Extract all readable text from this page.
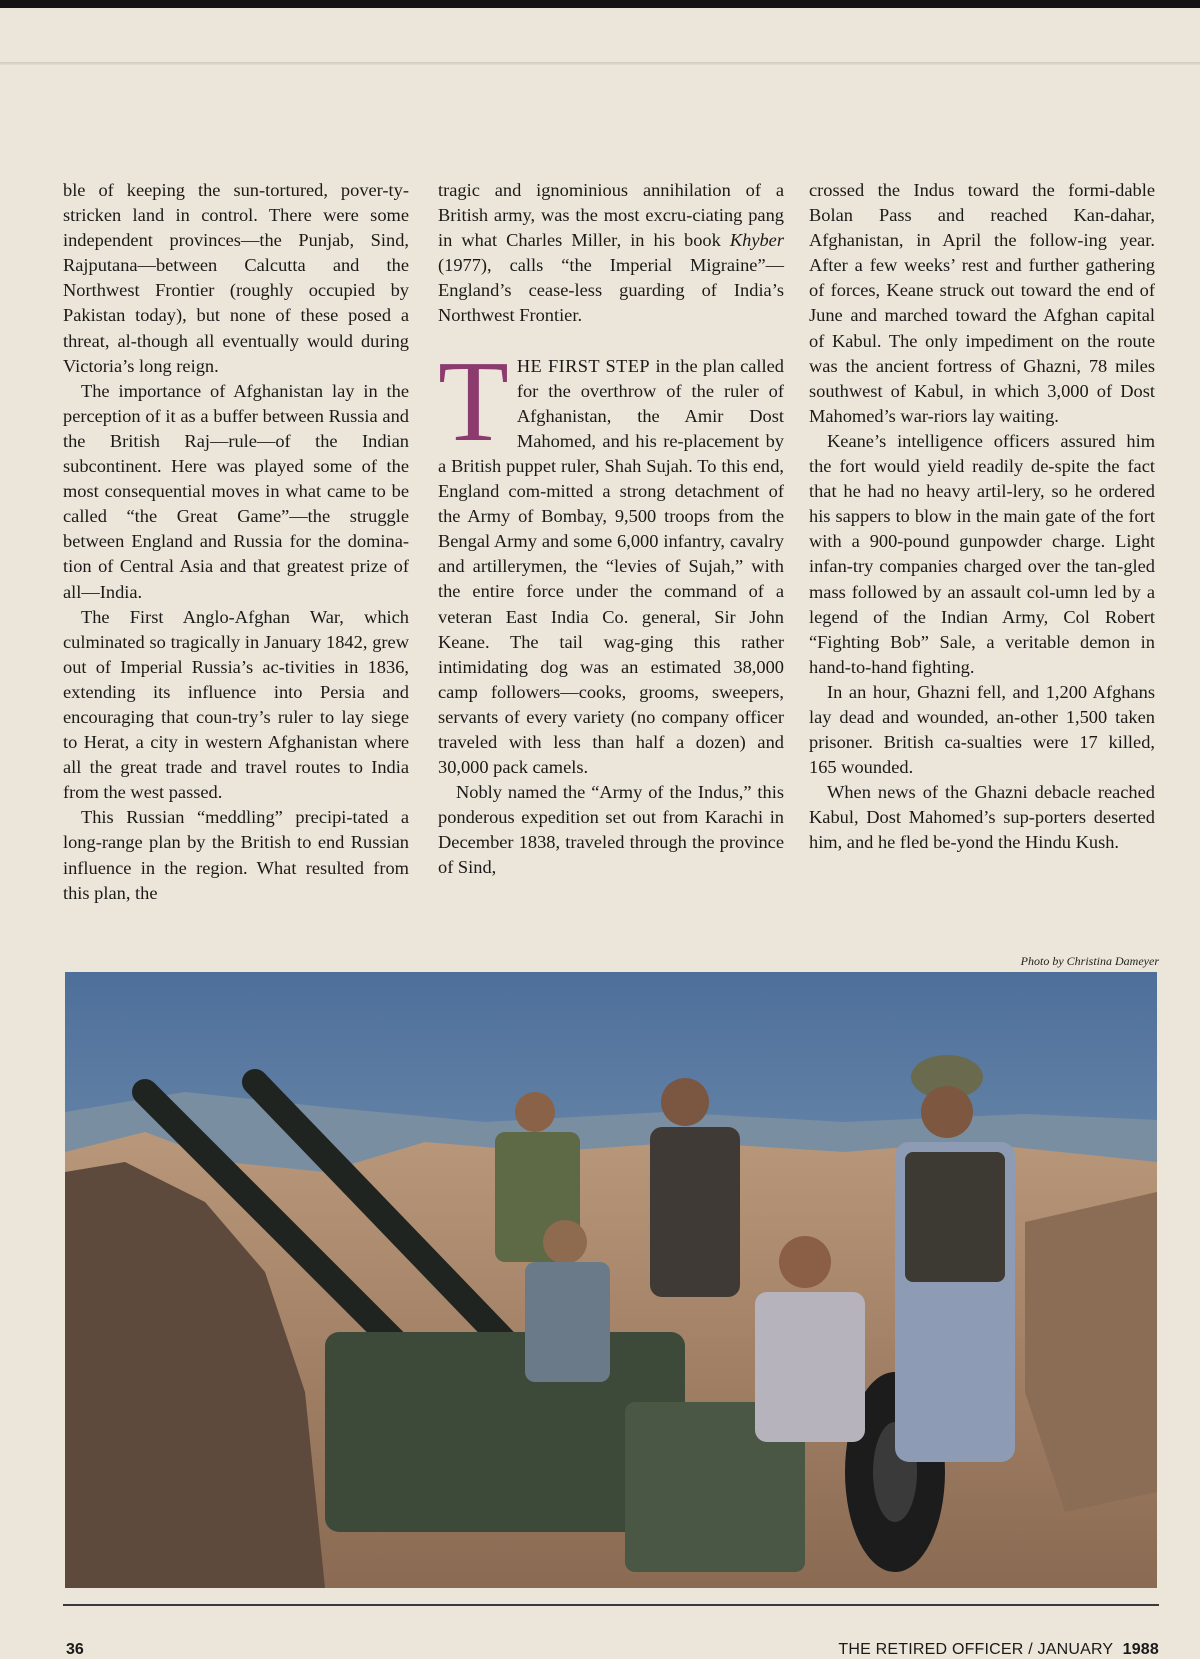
ble of keeping the sun-tortured, pover-ty-stricken land in control. There were some independent provinces—the Punjab, Sind, Rajputana—between Calcutta and the Northwest Frontier (roughly occupied by Pakistan today), but none of these posed a threat, al-though all eventually would during Victoria’s long reign.

The importance of Afghanistan lay in the perception of it as a buffer between Russia and the British Raj—rule—of the Indian subcontinent. Here was played some of the most consequential moves in what came to be called “the Great Game”—the struggle between England and Russia for the domina-tion of Central Asia and that greatest prize of all—India.

The First Anglo-Afghan War, which culminated so tragically in January 1842, grew out of Imperial Russia’s ac-tivities in 1836, extending its influence into Persia and encouraging that coun-try’s ruler to lay siege to Herat, a city in western Afghanistan where all the great trade and travel routes to India from the west passed.

This Russian “meddling” precipi-tated a long-range plan by the British to end Russian influence in the region. What resulted from this plan, the

tragic and ignominious annihilation of a British army, was the most excru-ciating pang in what Charles Miller, in his book Khyber (1977), calls “the Imperial Migraine”—England’s cease-less guarding of India’s Northwest Frontier.

THE FIRST STEP in the plan called for the overthrow of the ruler of Afghanistan, the Amir Dost Mahomed, and his re-placement by a British puppet ruler, Shah Sujah. To this end, England com-mitted a strong detachment of the Army of Bombay, 9,500 troops from the Bengal Army and some 6,000 infantry, cavalry and artillerymen, the “levies of Sujah,” with the entire force under the command of a veteran East India Co. general, Sir John Keane. The tail wag-ging this rather intimidating dog was an estimated 38,000 camp followers—cooks, grooms, sweepers, servants of every variety (no company officer traveled with less than half a dozen) and 30,000 pack camels.

Nobly named the “Army of the Indus,” this ponderous expedition set out from Karachi in December 1838, traveled through the province of Sind,

crossed the Indus toward the formi-dable Bolan Pass and reached Kan-dahar, Afghanistan, in April the follow-ing year. After a few weeks’ rest and further gathering of forces, Keane struck out toward the end of June and marched toward the Afghan capital of Kabul. The only impediment on the route was the ancient fortress of Ghazni, 78 miles southwest of Kabul, in which 3,000 of Dost Mahomed’s war-riors lay waiting.

Keane’s intelligence officers assured him the fort would yield readily de-spite the fact that he had no heavy artil-lery, so he ordered his sappers to blow in the main gate of the fort with a 900-pound gunpowder charge. Light infan-try companies charged over the tan-gled mass followed by an assault col-umn led by a legend of the Indian Army, Col Robert “Fighting Bob” Sale, a veritable demon in hand-to-hand fighting.

In an hour, Ghazni fell, and 1,200 Afghans lay dead and wounded, an-other 1,500 taken prisoner. British ca-sualties were 17 killed, 165 wounded.

When news of the Ghazni debacle reached Kabul, Dost Mahomed’s sup-porters deserted him, and he fled be-yond the Hindu Kush.

Photo by Christina Dameyer
36	THE RETIRED OFFICER / JANUARY 1988
